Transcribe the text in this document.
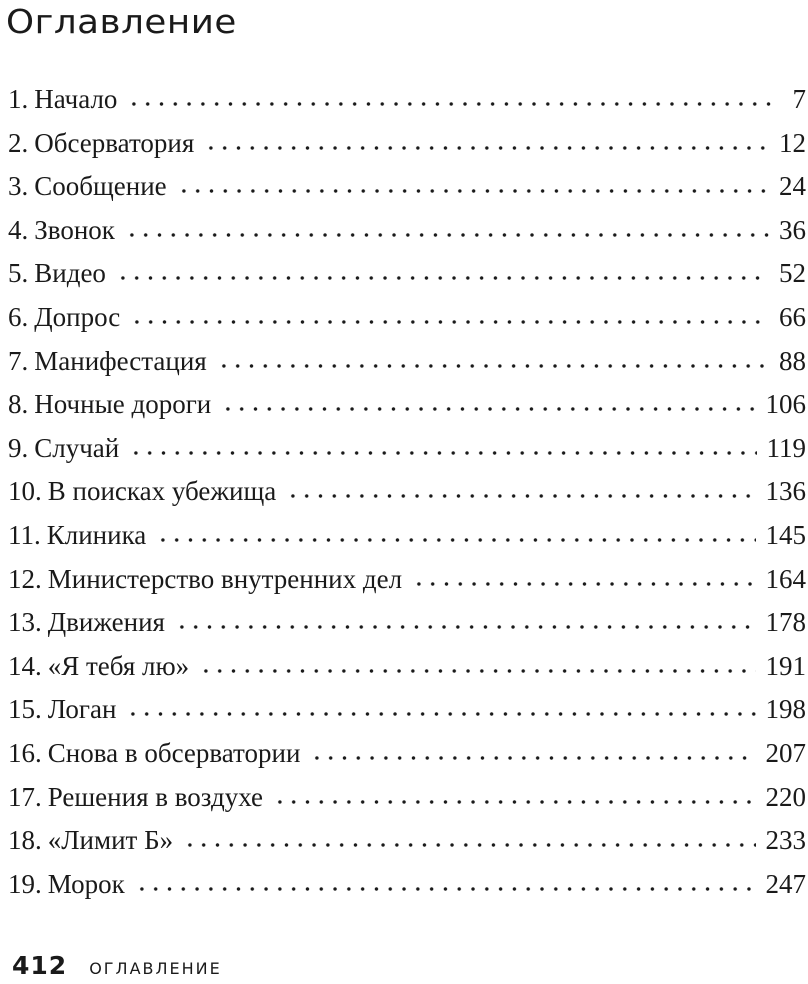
Оглавление
1. Начало	7
2. Обсерватория	12
3. Сообщение	24
4. Звонок	36
5. Видео	52
6. Допрос	66
7. Манифестация	88
8. Ночные дороги	106
9. Случай	119
10. В поисках убежища	136
11. Клиника	145
12. Министерство внутренних дел	164
13. Движения	178
14. «Я тебя лю»	191
15. Логан	198
16. Снова в обсерватории	207
17. Решения в воздухе	220
18. «Лимит Б»	233
19. Морок	247
412 ОГЛАВЛЕНИЕ
